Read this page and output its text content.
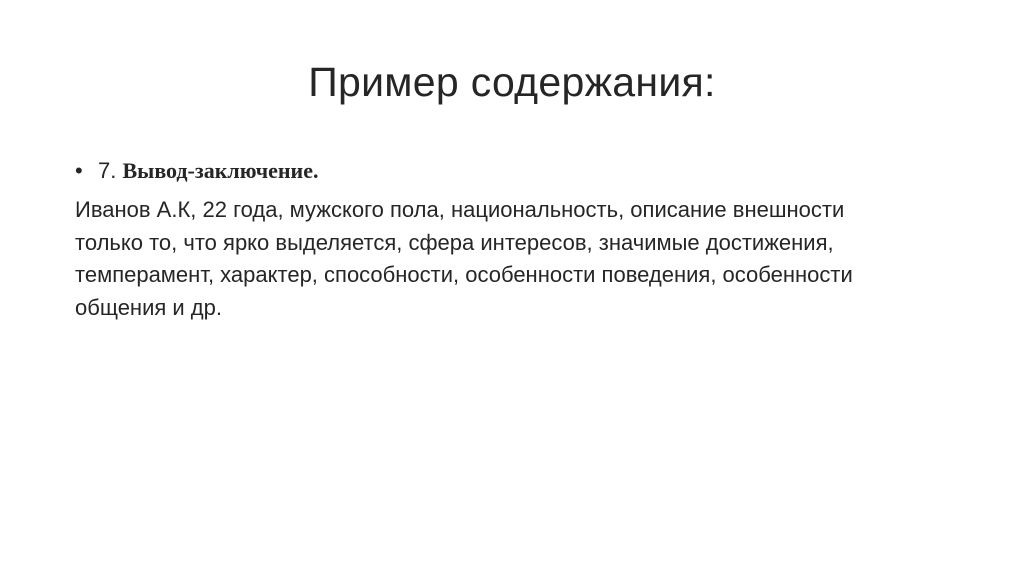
Пример содержания:
• 7. Вывод-заключение.

Иванов А.К, 22 года, мужского пола, национальность, описание внешности только то, что ярко выделяется, сфера интересов, значимые достижения, темперамент, характер, способности, особенности поведения, особенности общения и др.
